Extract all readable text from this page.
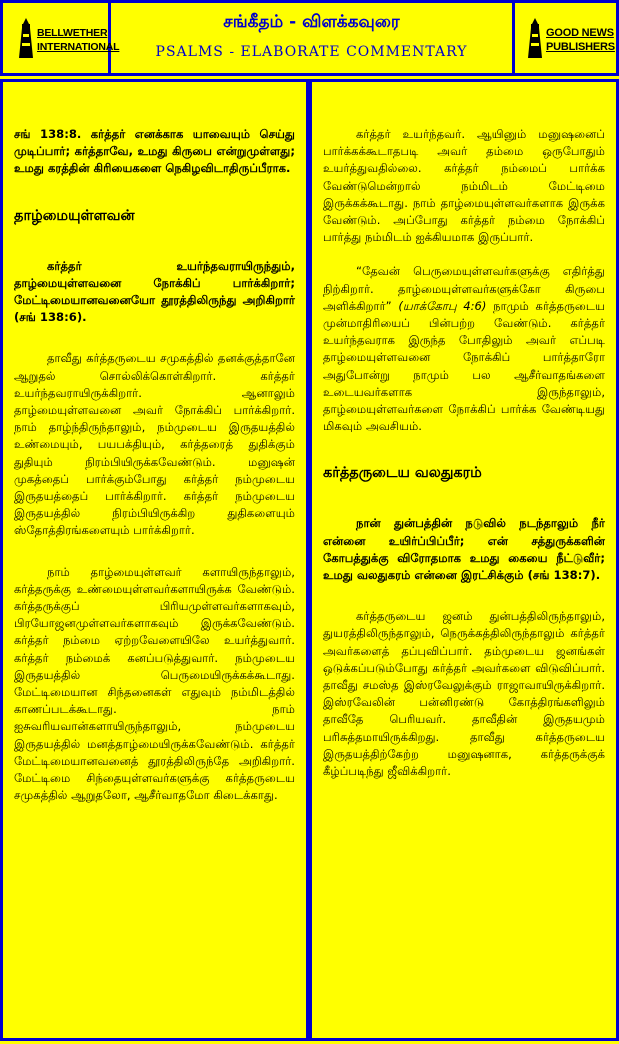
BELLWETHER
INTERNATIONAL
சங்கீதம் - விளக்கவுரை
PSALMS - ELABORATE COMMENTARY
GOOD NEWS
PUBLISHERS

சங் 138:8. கர்த்தர் எனக்காக யாவையும் செய்து முடிப்பார்; கர்த்தாவே, உமது கிருபை என்றுமுள்ளது; உமது கரத்தின் கிரியைகளை நெகிழவிடாதிருப்பீராக.

தாழ்மையுள்ளவன்

கர்த்தர் உயர்ந்தவராயிருந்தும், தாழ்மையுள்ளவனை நோக்கிப் பார்க்கிறார்; மேட்டிமையானவனையோ தூரத்திலிருந்து அறிகிறார் (சங் 138:6).

தாவீது கர்த்தருடைய சமுகத்தில் தனக்குத்தானே ஆறுதல் சொல்லிக்கொள்கிறார். கர்த்தர் உயர்ந்தவராயிருக்கிறார். ஆனாலும் தாழ்மையுள்ளவனை அவர் நோக்கிப் பார்க்கிறார். நாம் தாழ்ந்திருந்தாலும், நம்முடைய இருதயத்தில் உண்மையும், பயபக்தியும், கர்த்தரைத் துதிக்கும் துதியும் நிரம்பியிருக்கவேண்டும். மனுஷன் முகத்தைப் பார்க்கும்போது கர்த்தர் நம்முடைய இருதயத்தைப் பார்க்கிறார். கர்த்தர் நம்முடைய இருதயத்தில் நிரம்பியிருக்கிற துதிகளையும் ஸ்தோத்திரங்களையும் பார்க்கிறார்.

நாம் தாழ்மையுள்ளவர் களாயிருந்தாலும், கர்த்தருக்கு உண்மையுள்ளவர்களாயிருக்க வேண்டும். கர்த்தருக்குப் பிரியமுள்ளவர்களாகவும், பிரயோஜனமுள்ளவர்களாகவும் இருக்கவேண்டும். கர்த்தர் நம்மை ஏற்றவேளையிலே உயர்த்துவார். கர்த்தர் நம்மைக் கனப்படுத்துவார். நம்முடைய இருதயத்தில் பெருமையிருக்கக்கூடாது. மேட்டிமையான சிந்தனைகள் எதுவும் நம்மிடத்தில் காணப்படக்கூடாது. நாம் ஐசுவரியவான்களாயிருந்தாலும், நம்முடைய இருதயத்தில் மனத்தாழ்மையிருக்கவேண்டும். கர்த்தர் மேட்டிமையானவனைத் தூரத்திலிருந்தே அறிகிறார். மேட்டிமை சிந்தையுள்ளவர்களுக்கு கர்த்தருடைய சமுகத்தில் ஆறுதலோ, ஆசீர்வாதமோ கிடைக்காது.

கர்த்தர் உயர்ந்தவர். ஆயினும் மனுஷனைப் பார்க்கக்கூடாதபடி அவர் தம்மை ஒருபோதும் உயர்த்துவதில்லை. கர்த்தர் நம்மைப் பார்க்க வேண்டுமென்றால் நம்மிடம் மேட்டிமை இருக்கக்கூடாது. நாம் தாழ்மையுள்ளவர்களாக இருக்க வேண்டும். அப்போது கர்த்தர் நம்மை நோக்கிப் பார்த்து நம்மிடம் ஐக்கியமாக இருப்பார்.

“தேவன் பெருமையுள்ளவர்களுக்கு எதிர்த்து நிற்கிறார். தாழ்மையுள்ளவர்களுக்கோ கிருபை அளிக்கிறார்” (யாக்கோபு 4:6) நாமும் கர்த்தருடைய முன்மாதிரியைப் பின்பற்ற வேண்டும். கர்த்தர் உயர்ந்தவராக இருந்த போதிலும் அவர் எப்படி தாழ்மையுள்ளவனை நோக்கிப் பார்த்தாரோ அதுபோன்று நாமும் பல ஆசீர்வாதங்களை உடையவர்களாக இருந்தாலும், தாழ்மையுள்ளவர்களை நோக்கிப் பார்க்க வேண்டியது மிகவும் அவசியம்.

கர்த்தருடைய வலதுகரம்

நான் துன்பத்தின் நடுவில் நடந்தாலும் நீர் என்னை உயிர்ப்பிப்பீர்; என் சத்துருக்களின் கோபத்துக்கு விரோதமாக உமது கையை நீட்டுவீர்; உமது வலதுகரம் என்னை இரட்சிக்கும் (சங் 138:7).

கர்த்தருடைய ஜனம் துன்பத்திலிருந்தாலும், துயரத்திலிருந்தாலும், நெருக்கத்திலிருந்தாலும் கர்த்தர் அவர்களைத் தப்புவிப்பார். தம்முடைய ஜனங்கள் ஒடுக்கப்படும்போது கர்த்தர் அவர்களை விடுவிப்பார். தாவீது சமஸ்த இஸ்ரவேலுக்கும் ராஜாவாயிருக்கிறார். இஸ்ரவேலின் பன்னிரண்டு கோத்திரங்களிலும் தாவீதே பெரியவர். தாவீதின் இருதயமும் பரிசுத்தமாயிருக்கிறது. தாவீது கர்த்தருடைய இருதயத்திற்கேற்ற மனுஷனாக, கர்த்தருக்குக் கீழ்ப்படிந்து ஜீவிக்கிறார்.
